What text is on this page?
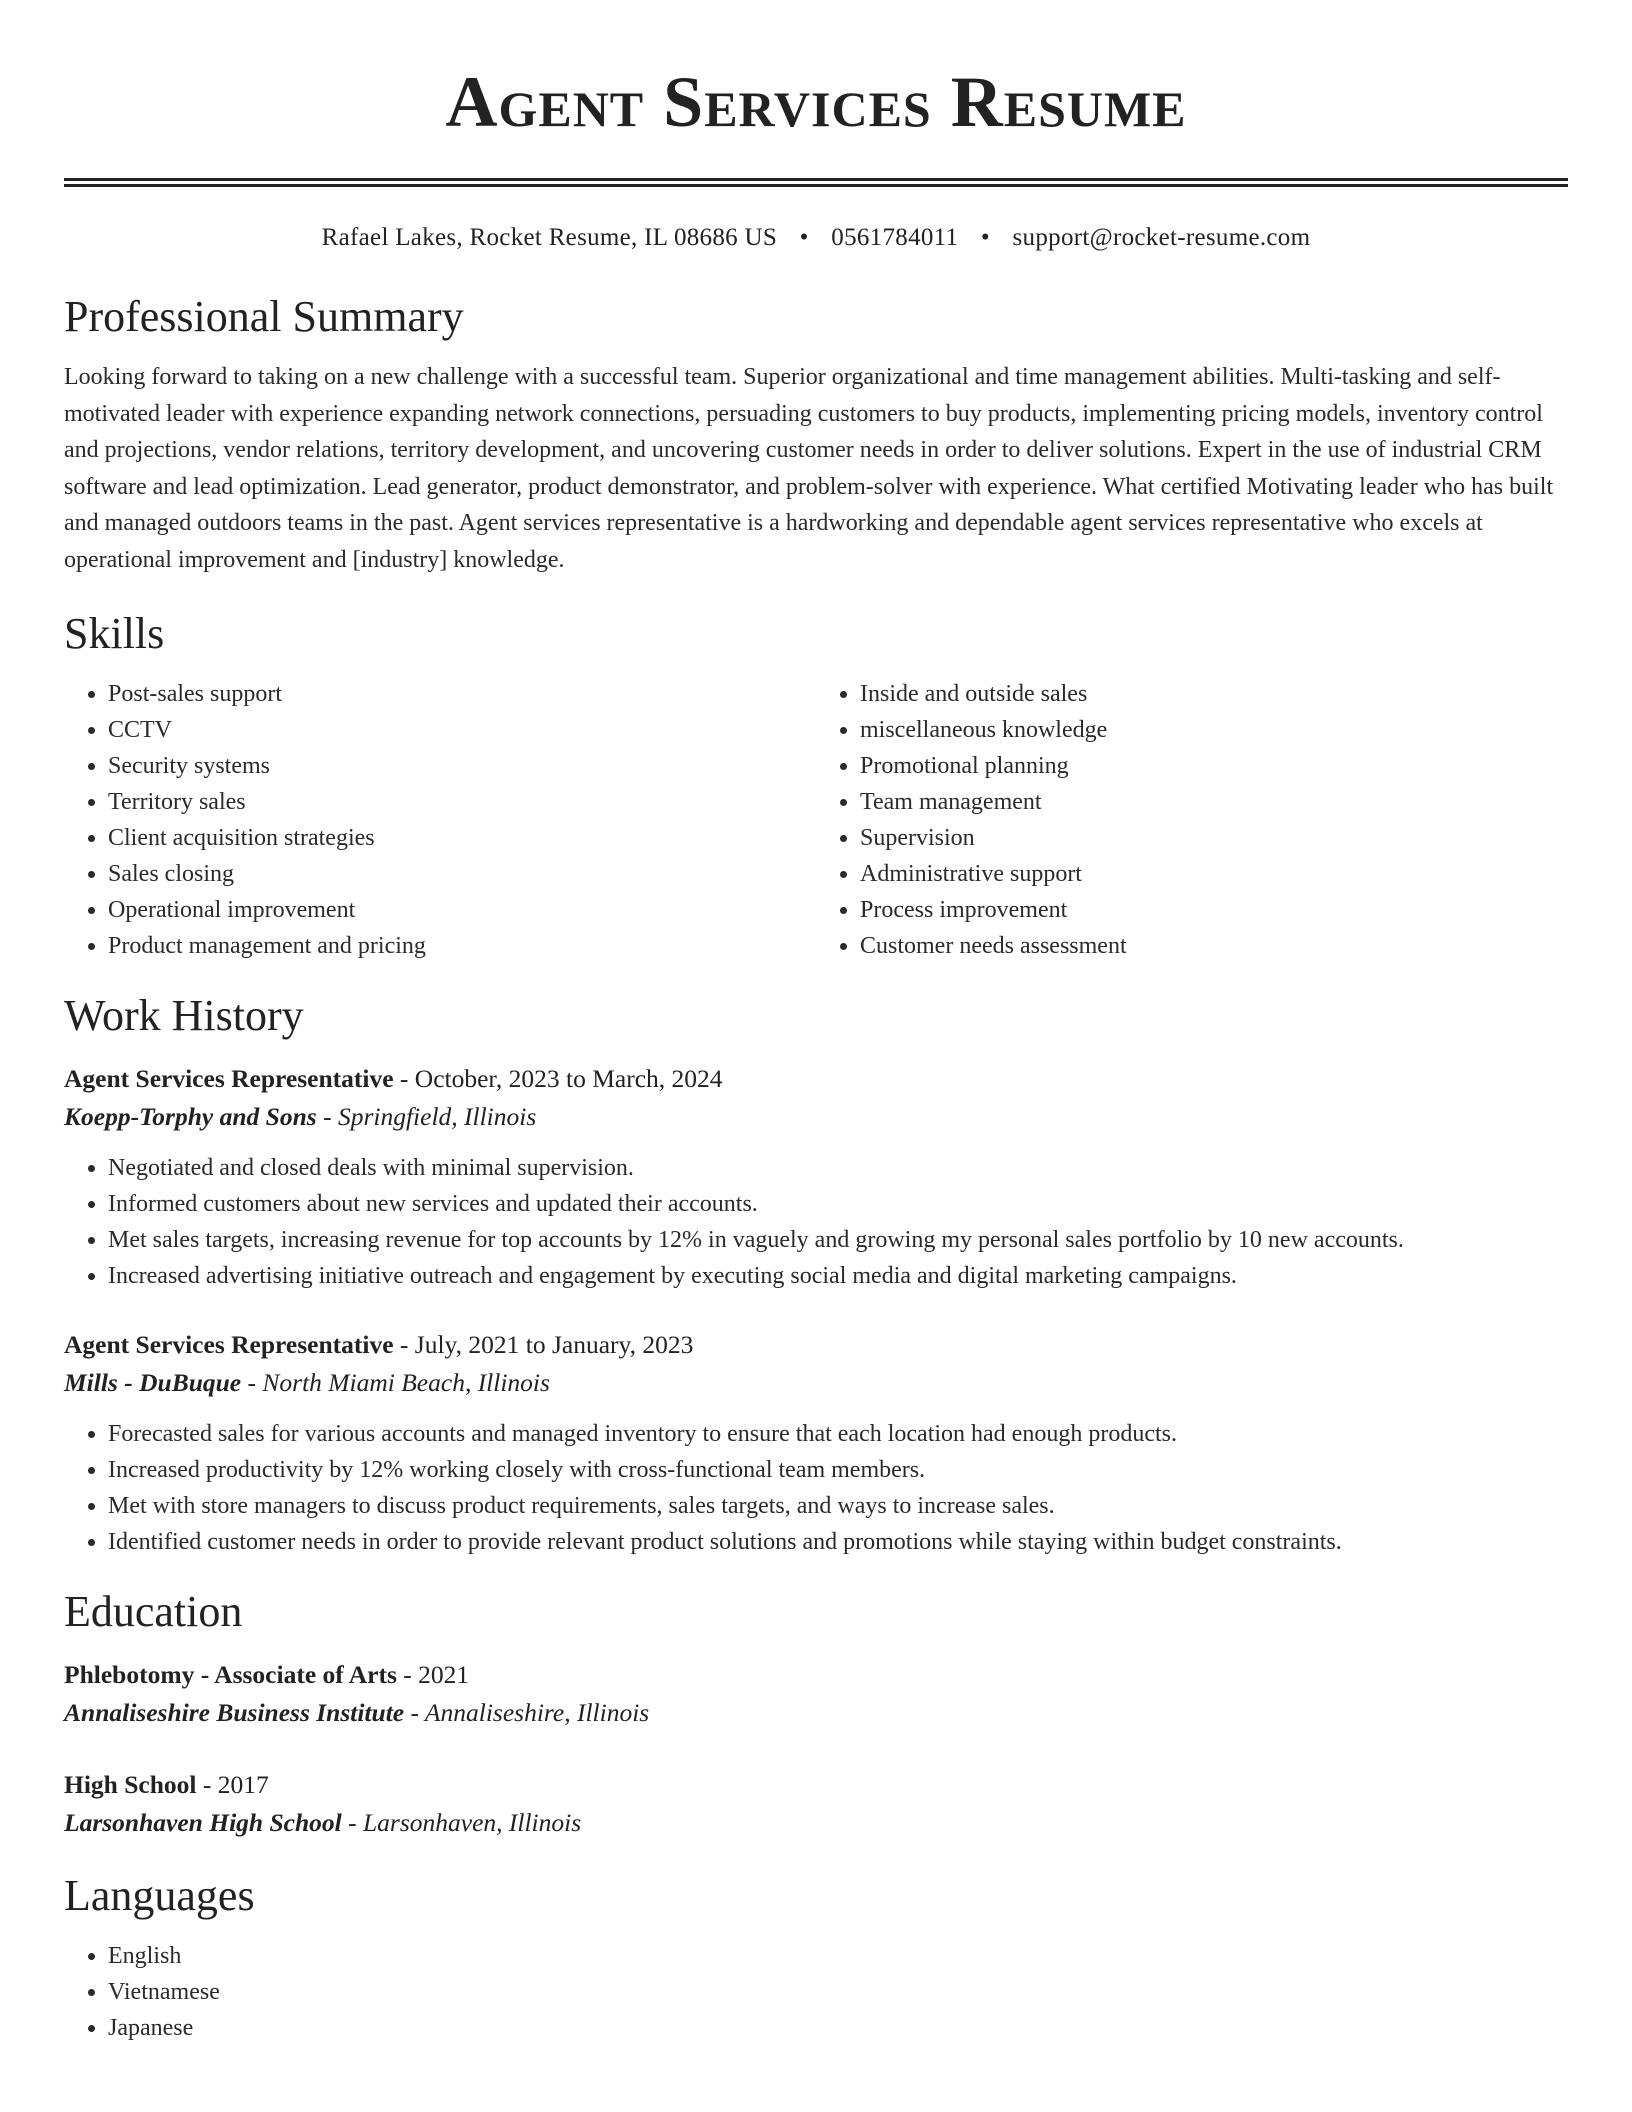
Agent Services Resume
Rafael Lakes, Rocket Resume, IL 08686 US • 0561784011 • support@rocket-resume.com
Professional Summary

Looking forward to taking on a new challenge with a successful team. Superior organizational and time management abilities. Multi-tasking and self-motivated leader with experience expanding network connections, persuading customers to buy products, implementing pricing models, inventory control and projections, vendor relations, territory development, and uncovering customer needs in order to deliver solutions. Expert in the use of industrial CRM software and lead optimization. Lead generator, product demonstrator, and problem-solver with experience. What certified Motivating leader who has built and managed outdoors teams in the past. Agent services representative is a hardworking and dependable agent services representative who excels at operational improvement and [industry] knowledge.

Skills
• Post-sales support
• CCTV
• Security systems
• Territory sales
• Client acquisition strategies
• Sales closing
• Operational improvement
• Product management and pricing
• Inside and outside sales
• miscellaneous knowledge
• Promotional planning
• Team management
• Supervision
• Administrative support
• Process improvement
• Customer needs assessment
Work History
Agent Services Representative - October, 2023 to March, 2024
Koepp-Torphy and Sons - Springfield, Illinois
• Negotiated and closed deals with minimal supervision.
• Informed customers about new services and updated their accounts.
• Met sales targets, increasing revenue for top accounts by 12% in vaguely and growing my personal sales portfolio by 10 new accounts.
• Increased advertising initiative outreach and engagement by executing social media and digital marketing campaigns.
Agent Services Representative - July, 2021 to January, 2023
Mills - DuBuque - North Miami Beach, Illinois
• Forecasted sales for various accounts and managed inventory to ensure that each location had enough products.
• Increased productivity by 12% working closely with cross-functional team members.
• Met with store managers to discuss product requirements, sales targets, and ways to increase sales.
• Identified customer needs in order to provide relevant product solutions and promotions while staying within budget constraints.
Education
Phlebotomy - Associate of Arts - 2021
Annaliseshire Business Institute - Annaliseshire, Illinois
High School - 2017
Larsonhaven High School - Larsonhaven, Illinois
Languages
• English
• Vietnamese
• Japanese
